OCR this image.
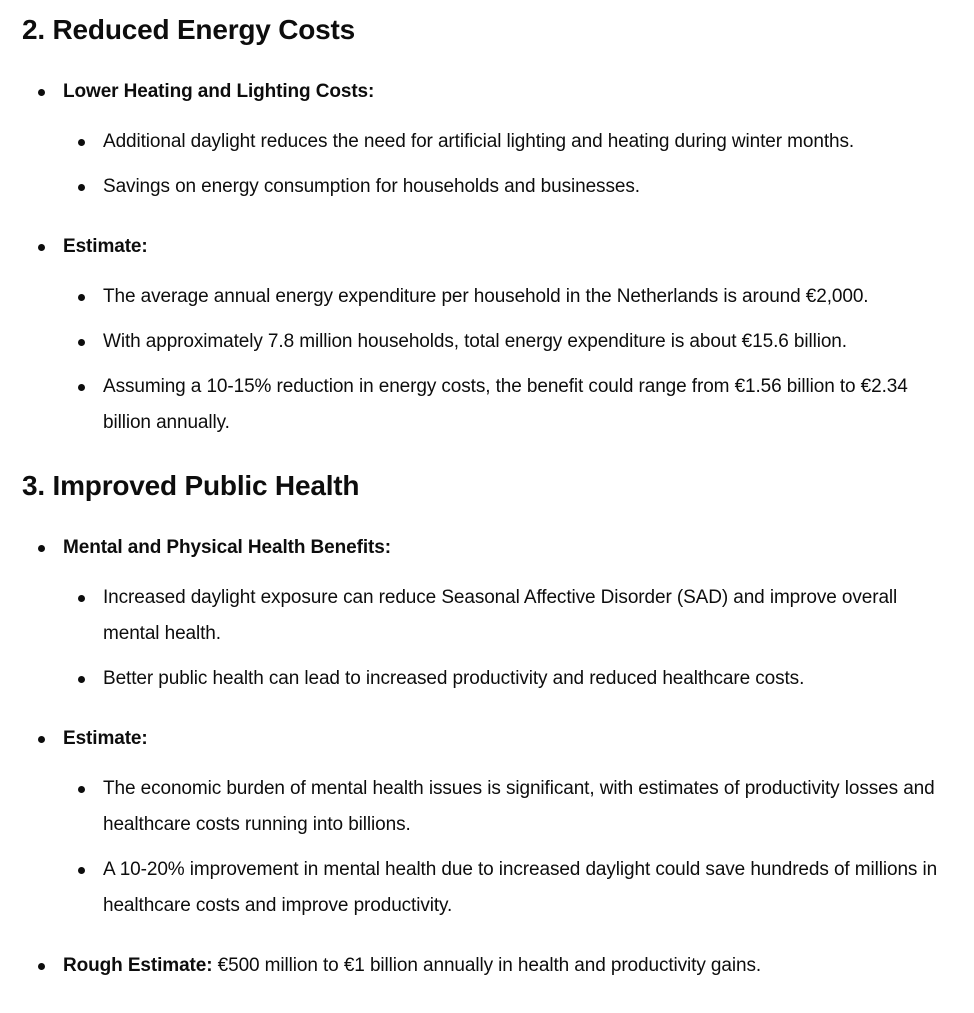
2. Reduced Energy Costs
Lower Heating and Lighting Costs:
Additional daylight reduces the need for artificial lighting and heating during winter months.
Savings on energy consumption for households and businesses.
Estimate:
The average annual energy expenditure per household in the Netherlands is around €2,000.
With approximately 7.8 million households, total energy expenditure is about €15.6 billion.
Assuming a 10-15% reduction in energy costs, the benefit could range from €1.56 billion to €2.34 billion annually.
3. Improved Public Health
Mental and Physical Health Benefits:
Increased daylight exposure can reduce Seasonal Affective Disorder (SAD) and improve overall mental health.
Better public health can lead to increased productivity and reduced healthcare costs.
Estimate:
The economic burden of mental health issues is significant, with estimates of productivity losses and healthcare costs running into billions.
A 10-20% improvement in mental health due to increased daylight could save hundreds of millions in healthcare costs and improve productivity.
Rough Estimate: €500 million to €1 billion annually in health and productivity gains.
